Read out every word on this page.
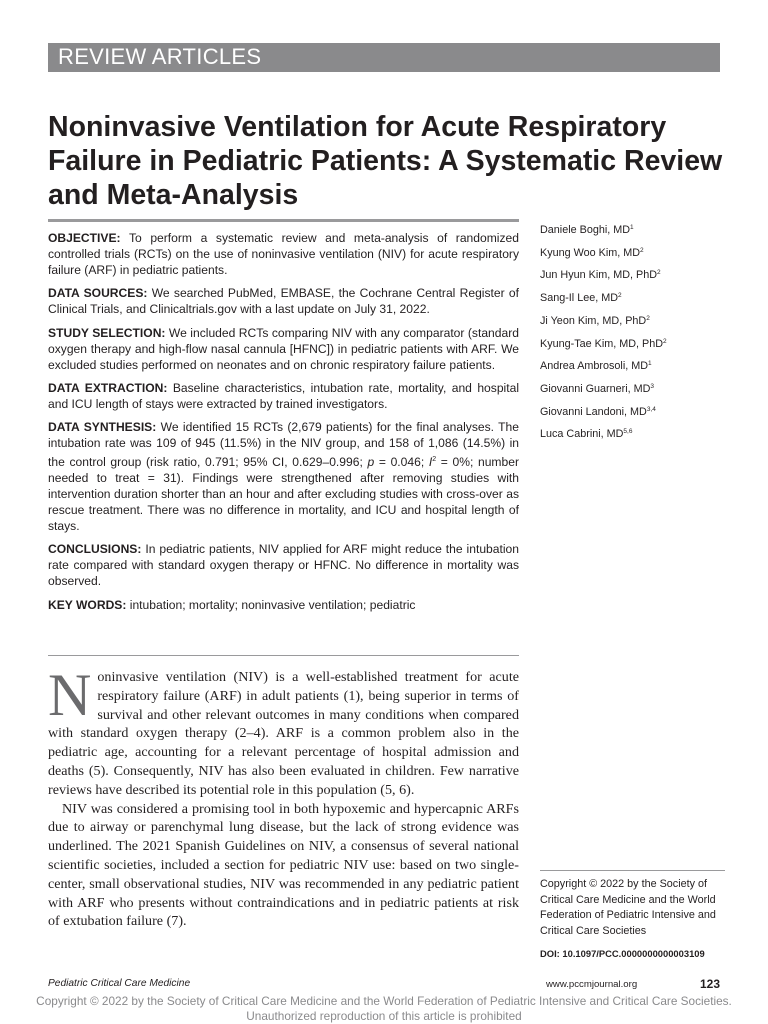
REVIEW ARTICLES
Noninvasive Ventilation for Acute Respiratory Failure in Pediatric Patients: A Systematic Review and Meta-Analysis

OBJECTIVE: To perform a systematic review and meta-analysis of randomized controlled trials (RCTs) on the use of noninvasive ventilation (NIV) for acute respiratory failure (ARF) in pediatric patients.

DATA SOURCES: We searched PubMed, EMBASE, the Cochrane Central Register of Clinical Trials, and Clinicaltrials.gov with a last update on July 31, 2022.

STUDY SELECTION: We included RCTs comparing NIV with any comparator (standard oxygen therapy and high-flow nasal cannula [HFNC]) in pediatric patients with ARF. We excluded studies performed on neonates and on chronic respiratory failure patients.

DATA EXTRACTION: Baseline characteristics, intubation rate, mortality, and hospital and ICU length of stays were extracted by trained investigators.

DATA SYNTHESIS: We identified 15 RCTs (2,679 patients) for the final analyses. The intubation rate was 109 of 945 (11.5%) in the NIV group, and 158 of 1,086 (14.5%) in the control group (risk ratio, 0.791; 95% CI, 0.629–0.996; p = 0.046; $I^2 = 0\%$; number needed to treat = 31). Findings were strengthened after removing studies with intervention duration shorter than an hour and after excluding studies with cross-over as rescue treatment. There was no difference in mortality, and ICU and hospital length of stays.

CONCLUSIONS: In pediatric patients, NIV applied for ARF might reduce the intubation rate compared with standard oxygen therapy or HFNC. No difference in mortality was observed.

KEY WORDS: intubation; mortality; noninvasive ventilation; pediatric

Daniele Boghi, $MD^1$
Kyung Woo Kim, $MD^2$
Jun Hyun Kim, MD, PhD$^2$
Sang-Il Lee, $MD^2$
Ji Yeon Kim, MD, PhD$^2$
Kyung-Tae Kim, MD, PhD$^2$
Andrea Ambrosoli, $MD^1$
Giovanni Guarneri, $MD^3$
Giovanni Landoni, MD$^{3,4}$
Luca Cabrini, MD$^{5,6}$

Noninvasive ventilation (NIV) is a well-established treatment for acute respiratory failure (ARF) in adult patients (1), being superior in terms of survival and other relevant outcomes in many conditions when compared with standard oxygen therapy (2–4). ARF is a common problem also in the pediatric age, accounting for a relevant percentage of hospital admission and deaths (5). Consequently, NIV has also been evaluated in children. Few narrative reviews have described its potential role in this population (5, 6).

NIV was considered a promising tool in both hypoxemic and hypercapnic ARFs due to airway or parenchymal lung disease, but the lack of strong evidence was underlined. The 2021 Spanish Guidelines on NIV, a consensus of several national scientific societies, included a section for pediatric NIV use: based on two single-center, small observational studies, NIV was recommended in any pediatric patient with ARF who presents without contraindications and in pediatric patients at risk of extubation failure (7).

Copyright © 2022 by the Society of Critical Care Medicine and the World Federation of Pediatric Intensive and Critical Care Societies
DOI: 10.1097/PCC.0000000000003109
Pediatric Critical Care Medicine	www.pccmjournal.org	123
Copyright © 2022 by the Society of Critical Care Medicine and the World Federation of Pediatric Intensive and Critical Care Societies.
Unauthorized reproduction of this article is prohibited
